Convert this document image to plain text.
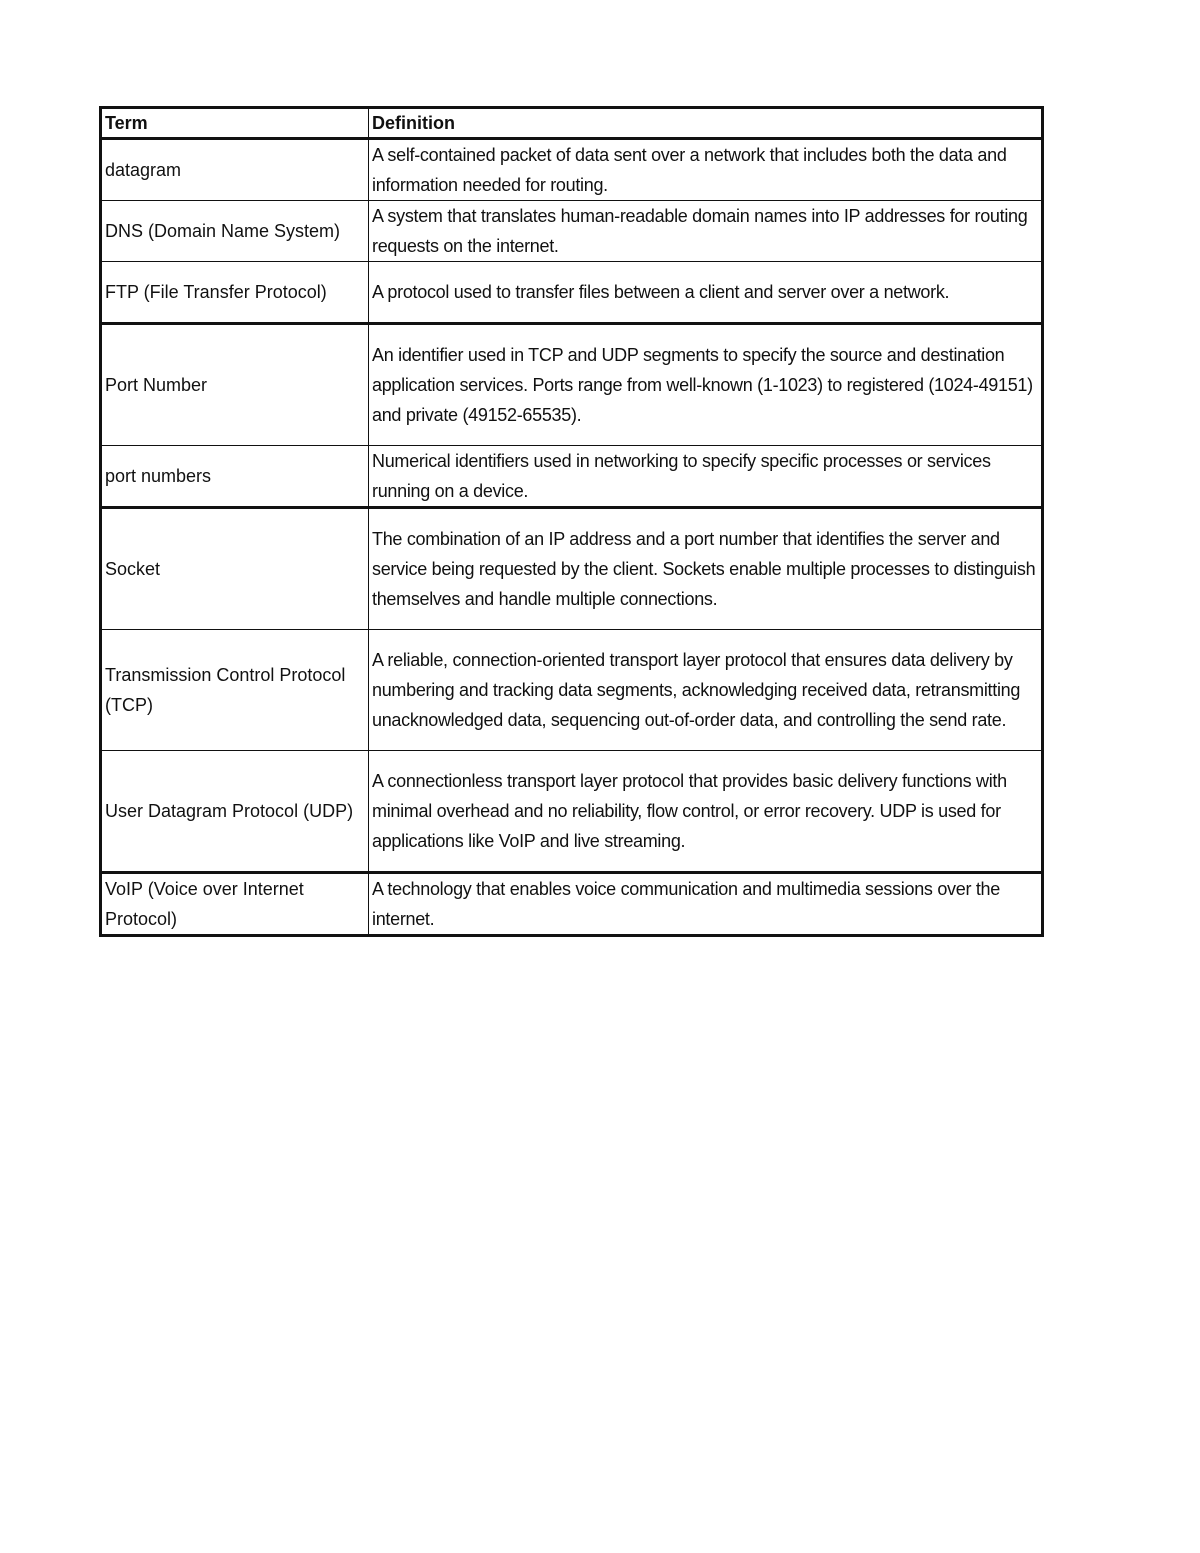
Term	Definition
datagram	A self-contained packet of data sent over a network that includes both the data and information needed for routing.
DNS (Domain Name System)	A system that translates human-readable domain names into IP addresses for routing requests on the internet.
FTP (File Transfer Protocol)	A protocol used to transfer files between a client and server over a network.
Port Number	An identifier used in TCP and UDP segments to specify the source and destination application services. Ports range from well-known (1-1023) to registered (1024-49151) and private (49152-65535).
port numbers	Numerical identifiers used in networking to specify specific processes or services running on a device.
Socket	The combination of an IP address and a port number that identifies the server and service being requested by the client. Sockets enable multiple processes to distinguish themselves and handle multiple connections.
Transmission Control Protocol (TCP)	A reliable, connection-oriented transport layer protocol that ensures data delivery by numbering and tracking data segments, acknowledging received data, retransmitting unacknowledged data, sequencing out-of-order data, and controlling the send rate.
User Datagram Protocol (UDP)	A connectionless transport layer protocol that provides basic delivery functions with minimal overhead and no reliability, flow control, or error recovery. UDP is used for applications like VoIP and live streaming.
VoIP (Voice over Internet Protocol)	A technology that enables voice communication and multimedia sessions over the internet.
